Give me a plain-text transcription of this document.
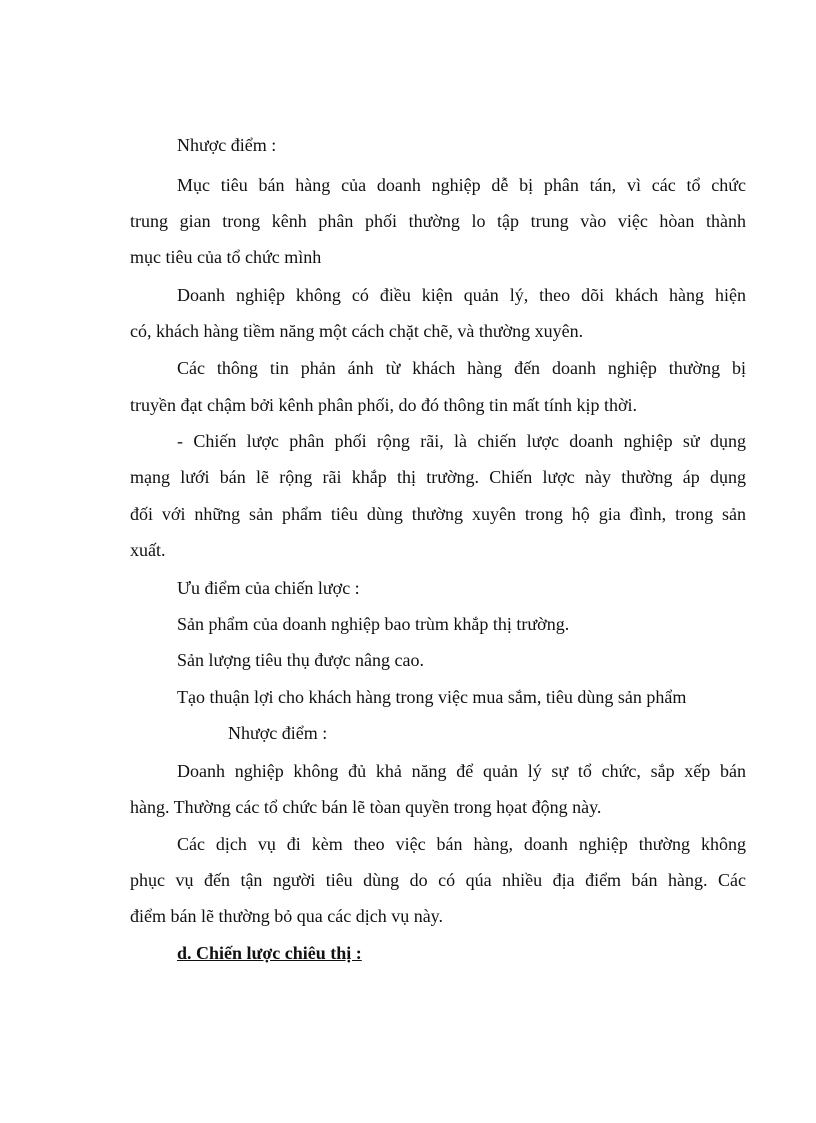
Nhược điểm :
Mục tiêu bán hàng của doanh nghiệp dễ bị phân tán, vì các tổ chức
trung gian trong kênh phân phối thường lo tập trung vào việc hòan thành
mục tiêu của tổ chức mình
Doanh nghiệp không có điều kiện quản lý, theo dõi khách hàng hiện
có, khách hàng tiềm năng một cách chặt chẽ, và thường xuyên.
Các thông tin phản ánh từ khách hàng đến doanh nghiệp thường bị
truyền đạt chậm bởi kênh phân phối, do đó thông tin mất tính kịp thời.
- Chiến lược phân phối rộng rãi, là chiến lược doanh nghiệp sử dụng
mạng lưới bán lẽ rộng rãi khắp thị trường. Chiến lược này thường áp dụng
đối với những sản phẩm tiêu dùng thường xuyên trong hộ gia đình, trong sản
xuất.
Ưu điểm của chiến lược :
Sản phẩm của doanh nghiệp bao trùm khắp thị trường.
Sản lượng tiêu thụ được nâng cao.
Tạo thuận lợi cho khách hàng trong việc mua sắm, tiêu dùng sản phẩm
Nhược điểm :
Doanh nghiệp không đủ khả năng để quản lý sự tổ chức, sắp xếp bán
hàng. Thường các tổ chức bán lẽ tòan quyền trong họat động này.
Các dịch vụ đi kèm theo việc bán hàng, doanh nghiệp thường không
phục vụ đến tận người tiêu dùng do có qúa nhiều địa điểm bán hàng. Các
điểm bán lẽ thường bỏ qua các dịch vụ này.
d. Chiến lược chiêu thị :
